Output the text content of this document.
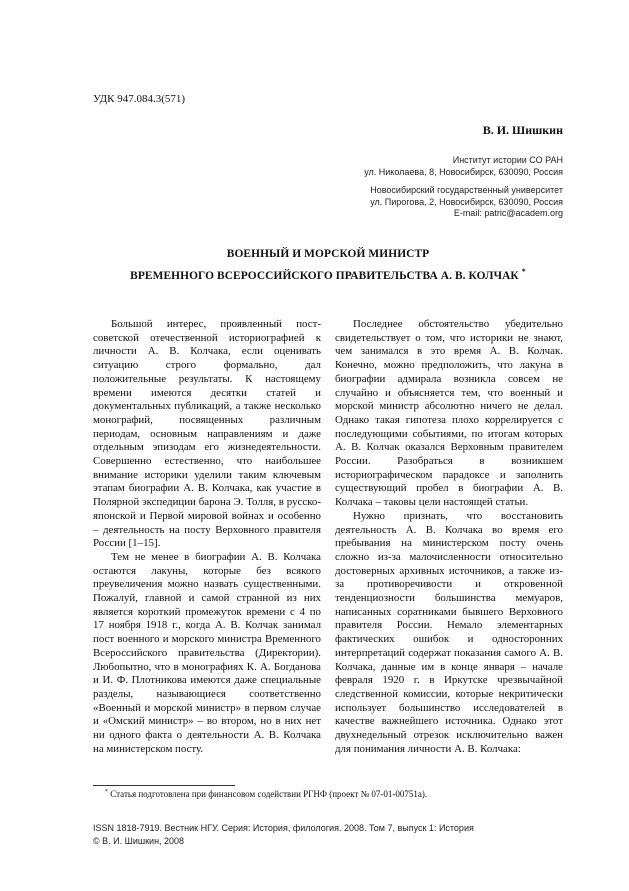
УДК 947.084.3(571)
В. И. Шишкин
Институт истории СО РАН
ул. Николаева, 8, Новосибирск, 630090, Россия
Новосибирский государственный университет
ул. Пирогова, 2, Новосибирск, 630090, Россия
E-mail: patric@academ.org
ВОЕННЫЙ И МОРСКОЙ МИНИСТР
ВРЕМЕННОГО ВСЕРОССИЙСКОГО ПРАВИТЕЛЬСТВА А. В. КОЛЧАК *

Большой интерес, проявленный постсоветской отечественной историографией к личности А. В. Колчака, если оценивать ситуацию строго формально, дал положительные результаты. К настоящему времени имеются десятки статей и документальных публикаций, а также несколько монографий, посвященных различным периодам, основным направлениям и даже отдельным эпизодам его жизнедеятельности. Совершенно естественно, что наибольшее внимание историки уделили таким ключевым этапам биографии А. В. Колчака, как участие в Полярной экспедиции барона Э. Толля, в русско-японской и Первой мировой войнах и особенно – деятельность на посту Верховного правителя России [1–15].

Тем не менее в биографии А. В. Колчака остаются лакуны, которые без всякого преувеличения можно назвать существенными. Пожалуй, главной и самой странной из них является короткий промежуток времени с 4 по 17 ноября 1918 г., когда А. В. Колчак занимал пост военного и морского министра Временного Всероссийского правительства (Директории). Любопытно, что в монографиях К. А. Богданова и И. Ф. Плотникова имеются даже специальные разделы, называющиеся соответственно «Военный и морской министр» в первом случае и «Омский министр» – во втором, но в них нет ни одного факта о деятельности А. В. Колчака на министерском посту.

Последнее обстоятельство убедительно свидетельствует о том, что историки не знают, чем занимался в это время А. В. Колчак. Конечно, можно предположить, что лакуна в биографии адмирала возникла совсем не случайно и объясняется тем, что военный и морской министр абсолютно ничего не делал. Однако такая гипотеза плохо коррелируется с последующими событиями, по итогам которых А. В. Колчак оказался Верховным правителем России. Разобраться в возникшем историографическом парадоксе и заполнить существующий пробел в биографии А. В. Колчака – таковы цели настоящей статьи.

Нужно признать, что восстановить деятельность А. В. Колчака во время его пребывания на министерском посту очень сложно из-за малочисленности относительно достоверных архивных источников, а также из-за противоречивости и откровенной тенденциозности большинства мемуаров, написанных соратниками бывшего Верховного правителя России. Немало элементарных фактических ошибок и односторонних интерпретаций содержат показания самого А. В. Колчака, данные им в конце января – начале февраля 1920 г. в Иркутске чрезвычайной следственной комиссии, которые некритически использует большинство исследователей в качестве важнейшего источника. Однако этот двухнедельный отрезок исключительно важен для понимания личности А. В. Колчака:

* Статья подготовлена при финансовом содействии РГНФ (проект № 07-01-00751а).
ISSN 1818-7919. Вестник НГУ. Серия: История, филология. 2008. Том 7, выпуск 1: История
© В. И. Шишкин, 2008
